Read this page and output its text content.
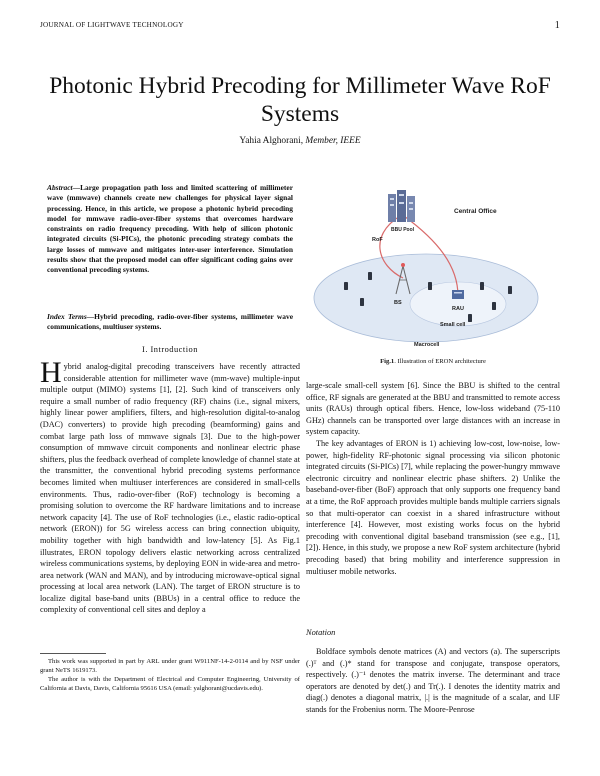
JOURNAL OF LIGHTWAVE TECHNOLOGY	1
Photonic Hybrid Precoding for Millimeter Wave RoF Systems
Yahia Alghorani, Member, IEEE
Abstract—Large propagation path loss and limited scattering of millimeter wave (mmwave) channels create new challenges for physical layer signal processing. Hence, in this article, we propose a photonic hybrid precoding model for mmwave radio-over-fiber systems that overcomes hardware constraints on radio frequency precoding. With help of silicon photonic integrated circuits (Si-PICs), the photonic precoding strategy combats the large losses of mmwave and mitigates inter-user interference. Simulation results show that the proposed model can offer significant coding gains over conventional precoding systems.
Index Terms—Hybrid precoding, radio-over-fiber systems, millimeter wave communications, multiuser systems.
I. Introduction
Hybrid analog-digital precoding transceivers have recently attracted considerable attention for millimeter wave (mm-wave) multiple-input multiple output (MIMO) systems [1], [2]. Such kind of transceivers only require a small number of radio frequency (RF) chains (i.e., signal mixers, highly linear power amplifiers, filters, and high-resolution digital-to-analog (DAC) converters) to provide high precoding (beamforming) gains and combat large path loss of mmwave signals [3]. Due to the high-power consumption of mmwave circuit components and nonlinear electric phase shifters, plus the feedback overhead of complete knowledge of channel state at the transmitter, the conventional hybrid precoding systems performance becomes limited when multiuser interferences are considered in small-cells environments. Thus, radio-over-fiber (RoF) technology is becoming a promising solution to overcome the RF hardware limitations and to increase network capacity [4]. The use of RoF technologies (i.e., elastic radio-optical network (ERON)) for 5G wireless access can bring connection ubiquity, mobility together with high bandwidth and low-latency [5]. As Fig.1 illustrates, ERON topology delivers elastic networking across centralized wireless communications systems, by deploying EON in wide-area and metro-area network (WAN and MAN), and by introducing microwave-optical signal processing at local area network (LAN). The target of ERON structure is to localize digital base-band units (BBUs) in a central office to reduce the complexity of conventional cell sites and deploy a

This work was supported in part by ARL under grant W911NF-14-2-0114 and by NSF under grant NeTS 1619173.

The author is with the Department of Electrical and Computer Engineering, University of California at Davis, Davis, California 95616 USA (email: yalghorani@ucdavis.edu).

Central Office
BBU Pool
RoF
BS
RAU
Small cell
Macrocell
Fig.1. Illustration of ERON architecture

large-scale small-cell system [6]. Since the BBU is shifted to the central office, RF signals are generated at the BBU and transmitted to remote access units (RAUs) through optical fibers. Hence, low-loss wideband (75-110 GHz) channels can be transported over large distances with an increase in system capacity.

The key advantages of ERON is 1) achieving low-cost, low-noise, low-power, high-fidelity RF-photonic signal processing via silicon photonic integrated circuits (Si-PICs) [7], while replacing the power-hungry mmwave electronic circuitry and nonlinear electric phase shifters. 2) Unlike the baseband-over-fiber (BoF) approach that only supports one frequency band at a time, the RoF approach provides multiple bands multiple carriers signals so that multi-operator can coexist in a shared infrastructure without interference [4]. However, most existing works focus on the hybrid precoding with conventional digital baseband transmission (see e.g., [1], [2]). Hence, in this study, we propose a new RoF system architecture (hybrid precoding based) that bring mobility and interference suppression in multiuser mobile networks.

Notation

Boldface symbols denote matrices (A) and vectors (a). The superscripts (.)ᵀ and (.)* stand for transpose and conjugate, transpose operators, respectively. (.)⁻¹ denotes the matrix inverse. The determinant and trace operators are denoted by det(.) and Tr(.). I denotes the identity matrix and diag(.) denotes a diagonal matrix, |.| is the magnitude of a scalar, and ‖.‖F stands for the Frobenius norm. The Moore-Penrose
